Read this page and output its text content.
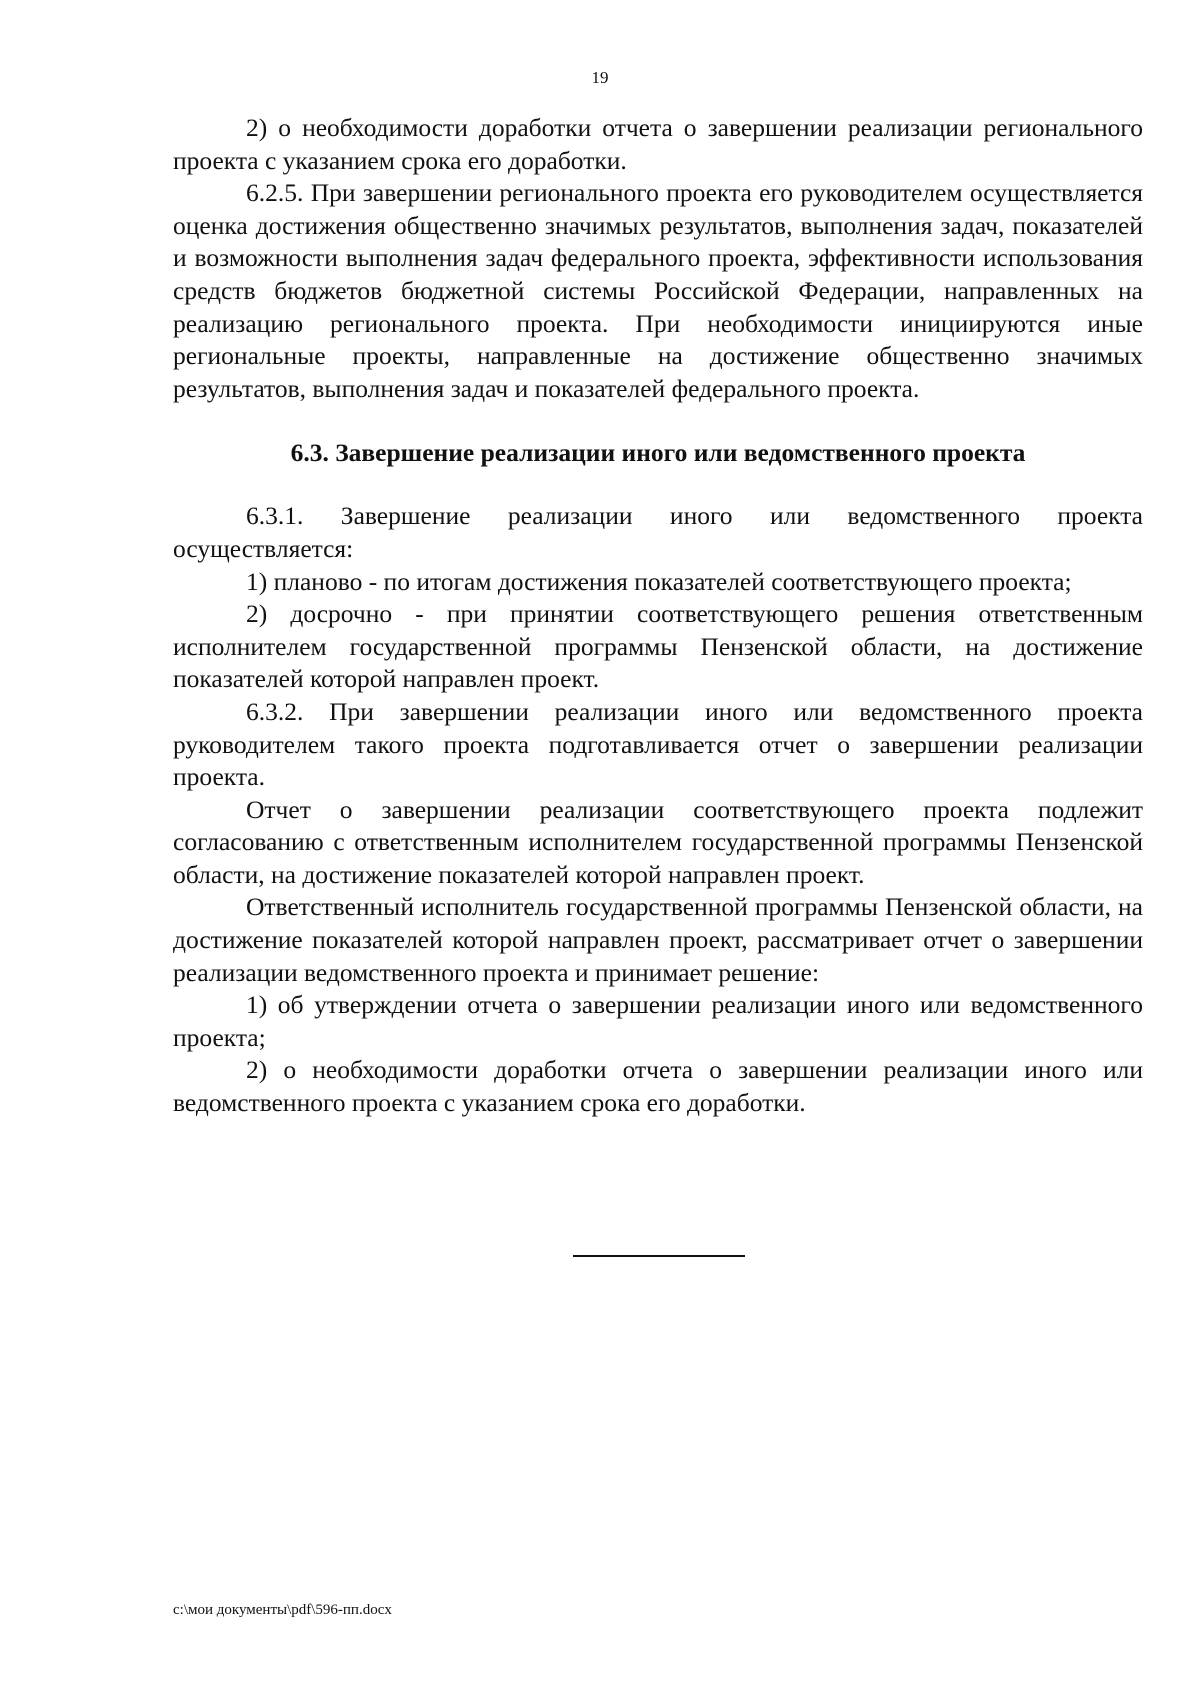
19

2) о необходимости доработки отчета о завершении реализации регионального проекта с указанием срока его доработки.

6.2.5. При завершении регионального проекта его руководителем осуществляется оценка достижения общественно значимых результатов, выполнения задач, показателей и возможности выполнения задач федерального проекта, эффективности использования средств бюджетов бюджетной системы Российской Федерации, направленных на реализацию регионального проекта. При необходимости инициируются иные региональные проекты, направленные на достижение общественно значимых результатов, выполнения задач и показателей федерального проекта.

6.3. Завершение реализации иного или ведомственного проекта

6.3.1. Завершение реализации иного или ведомственного проекта осуществляется:

1) планово - по итогам достижения показателей соответствующего проекта;

2) досрочно - при принятии соответствующего решения ответственным исполнителем государственной программы Пензенской области, на достижение показателей которой направлен проект.

6.3.2. При завершении реализации иного или ведомственного проекта руководителем такого проекта подготавливается отчет о завершении реализации проекта.

Отчет о завершении реализации соответствующего проекта подлежит согласованию с ответственным исполнителем государственной программы Пензенской области, на достижение показателей которой направлен проект.

Ответственный исполнитель государственной программы Пензенской области, на достижение показателей которой направлен проект, рассматривает отчет о завершении реализации ведомственного проекта и принимает решение:

1) об утверждении отчета о завершении реализации иного или ведомственного проекта;

2) о необходимости доработки отчета о завершении реализации иного или ведомственного проекта с указанием срока его доработки.

c:\мои документы\pdf\596-пп.docx
